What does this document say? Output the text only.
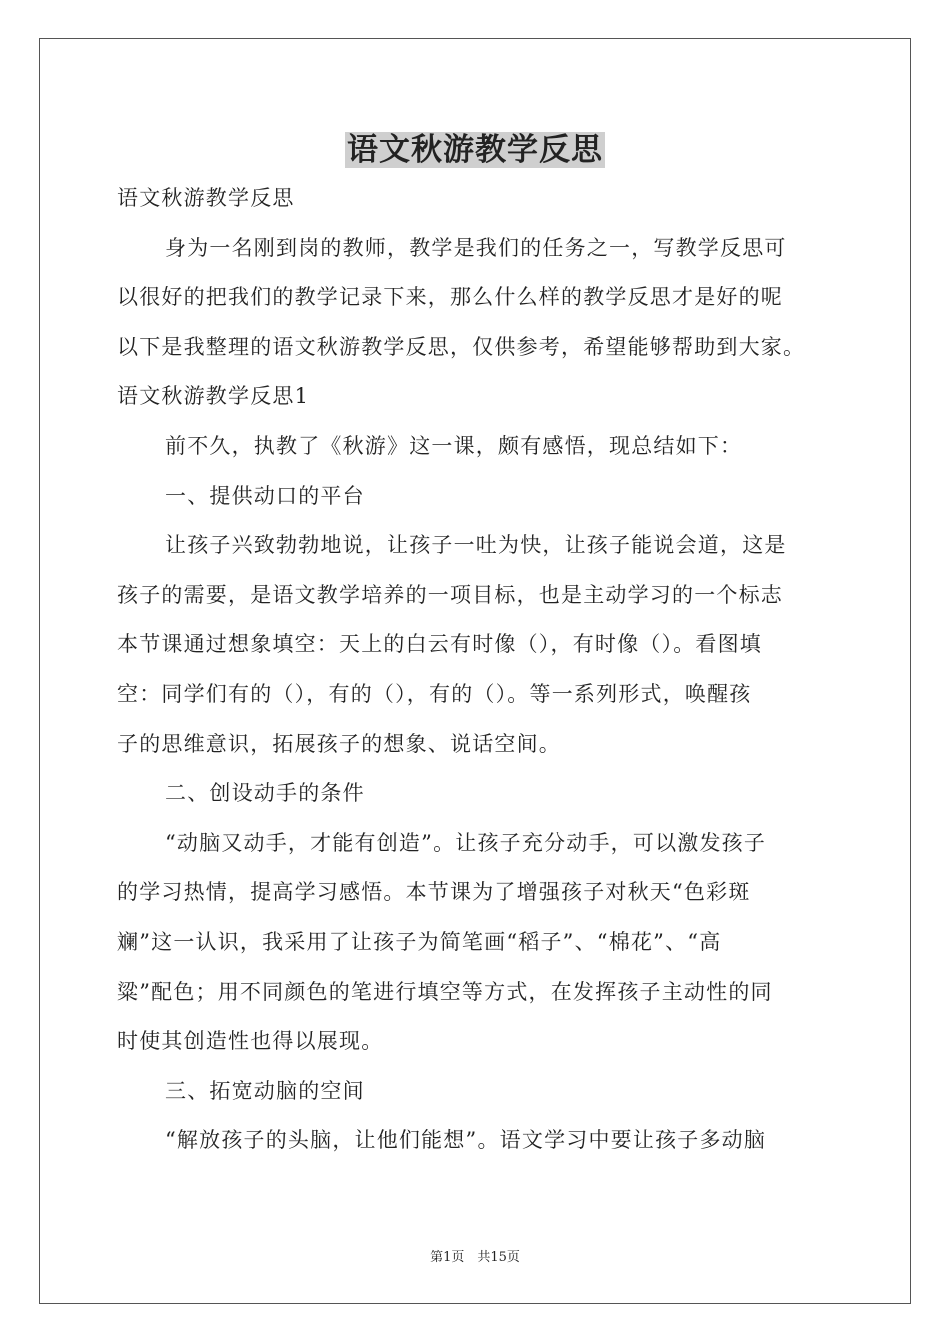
语文秋游教学反思
语文秋游教学反思
身为一名刚到岗的教师，教学是我们的任务之一，写教学反思可
以很好的把我们的教学记录下来，那么什么样的教学反思才是好的呢
以下是我整理的语文秋游教学反思，仅供参考，希望能够帮助到大家。
语文秋游教学反思1
前不久，执教了《秋游》这一课，颇有感悟，现总结如下：
一、提供动口的平台
让孩子兴致勃勃地说，让孩子一吐为快，让孩子能说会道，这是
孩子的需要，是语文教学培养的一项目标，也是主动学习的一个标志
本节课通过想象填空：天上的白云有时像（），有时像（）。看图填
空：同学们有的（），有的（），有的（）。等一系列形式，唤醒孩
子的思维意识，拓展孩子的想象、说话空间。
二、创设动手的条件
“动脑又动手，才能有创造”。让孩子充分动手，可以激发孩子
的学习热情，提高学习感悟。本节课为了增强孩子对秋天“色彩斑
斓”这一认识，我采用了让孩子为简笔画“稻子”、“棉花”、“高
粱”配色；用不同颜色的笔进行填空等方式，在发挥孩子主动性的同
时使其创造性也得以展现。
三、拓宽动脑的空间
“解放孩子的头脑，让他们能想”。语文学习中要让孩子多动脑
第1页　共15页
